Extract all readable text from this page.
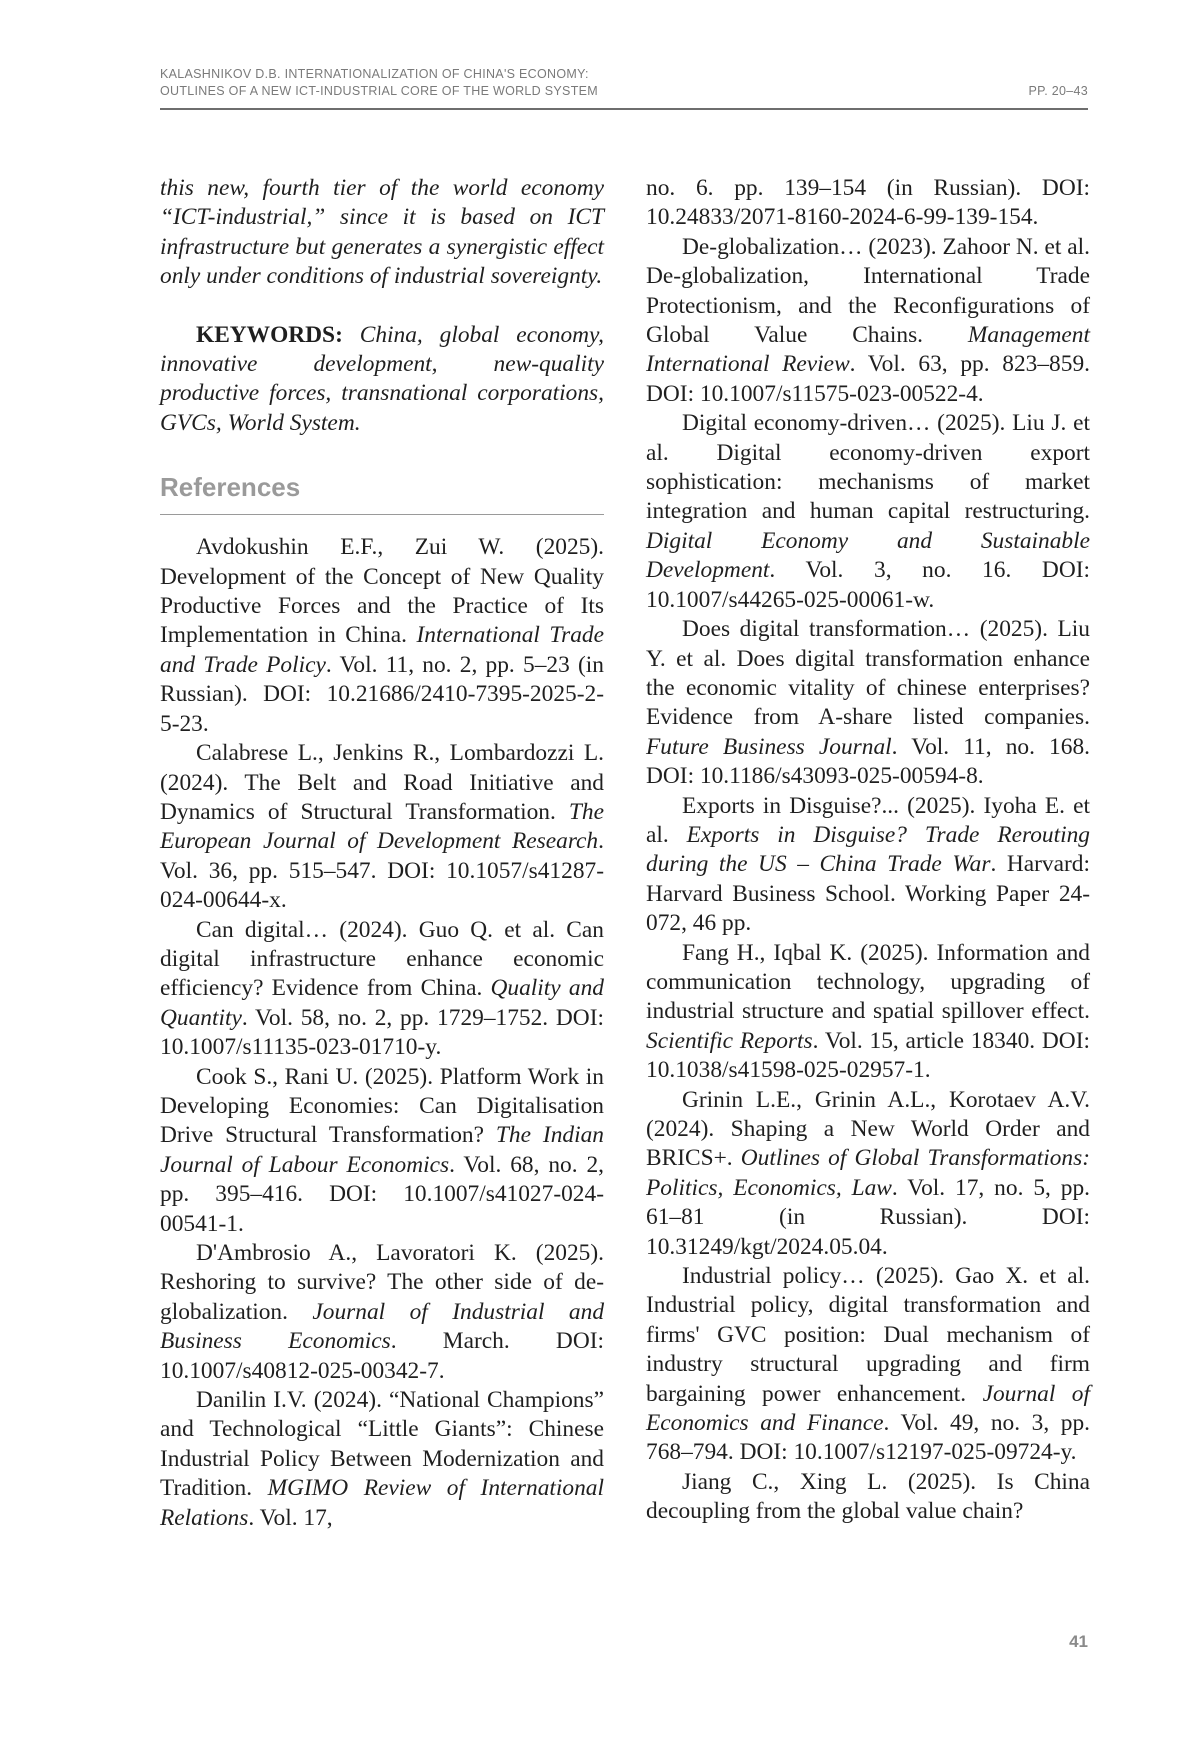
KALASHNIKOV D.B. INTERNATIONALIZATION OF CHINA'S ECONOMY:
OUTLINES OF A NEW ICT-INDUSTRIAL CORE OF THE WORLD SYSTEM	PP. 20–43

this new, fourth tier of the world economy “ICT-industrial,” since it is based on ICT infrastructure but generates a synergistic effect only under conditions of industrial sovereignty.

KEYWORDS: China, global economy, innovative development, new-quality productive forces, transnational corporations, GVCs, World System.

References

Avdokushin E.F., Zui W. (2025). Development of the Concept of New Quality Productive Forces and the Practice of Its Implementation in China. International Trade and Trade Policy. Vol. 11, no. 2, pp. 5–23 (in Russian). DOI: 10.21686/2410-7395-2025-2-5-23.

Calabrese L., Jenkins R., Lombardozzi L. (2024). The Belt and Road Initiative and Dynamics of Structural Transformation. The European Journal of Development Research. Vol. 36, pp. 515–547. DOI: 10.1057/s41287-024-00644-x.

Can digital… (2024). Guo Q. et al. Can digital infrastructure enhance economic efficiency? Evidence from China. Quality and Quantity. Vol. 58, no. 2, pp. 1729–1752. DOI: 10.1007/s11135-023-01710-y.

Cook S., Rani U. (2025). Platform Work in Developing Economies: Can Digitalisation Drive Structural Transformation? The Indian Journal of Labour Economics. Vol. 68, no. 2, pp. 395–416. DOI: 10.1007/s41027-024-00541-1.

D'Ambrosio A., Lavoratori K. (2025). Reshoring to survive? The other side of de-globalization. Journal of Industrial and Business Economics. March. DOI: 10.1007/s40812-025-00342-7.

Danilin I.V. (2024). “National Champions” and Technological “Little Giants”: Chinese Industrial Policy Between Modernization and Tradition. MGIMO Review of International Relations. Vol. 17,

no. 6. pp. 139–154 (in Russian). DOI: 10.24833/2071-8160-2024-6-99-139-154.

De-globalization… (2023). Zahoor N. et al. De-globalization, International Trade Protectionism, and the Reconfigurations of Global Value Chains. Management International Review. Vol. 63, pp. 823–859. DOI: 10.1007/s11575-023-00522-4.

Digital economy-driven… (2025). Liu J. et al. Digital economy-driven export sophistication: mechanisms of market integration and human capital restructuring. Digital Economy and Sustainable Development. Vol. 3, no. 16. DOI: 10.1007/s44265-025-00061-w.

Does digital transformation… (2025). Liu Y. et al. Does digital transformation enhance the economic vitality of chinese enterprises? Evidence from A-share listed companies. Future Business Journal. Vol. 11, no. 168. DOI: 10.1186/s43093-025-00594-8.

Exports in Disguise?... (2025). Iyoha E. et al. Exports in Disguise? Trade Rerouting during the US – China Trade War. Harvard: Harvard Business School. Working Paper 24-072, 46 pp.

Fang H., Iqbal K. (2025). Information and communication technology, upgrading of industrial structure and spatial spillover effect. Scientific Reports. Vol. 15, article 18340. DOI: 10.1038/s41598-025-02957-1.

Grinin L.E., Grinin A.L., Korotaev A.V. (2024). Shaping a New World Order and BRICS+. Outlines of Global Transformations: Politics, Economics, Law. Vol. 17, no. 5, pp. 61–81 (in Russian). DOI: 10.31249/kgt/2024.05.04.

Industrial policy… (2025). Gao X. et al. Industrial policy, digital transformation and firms' GVC position: Dual mechanism of industry structural upgrading and firm bargaining power enhancement. Journal of Economics and Finance. Vol. 49, no. 3, pp. 768–794. DOI: 10.1007/s12197-025-09724-y.

Jiang C., Xing L. (2025). Is China decoupling from the global value chain?

41
